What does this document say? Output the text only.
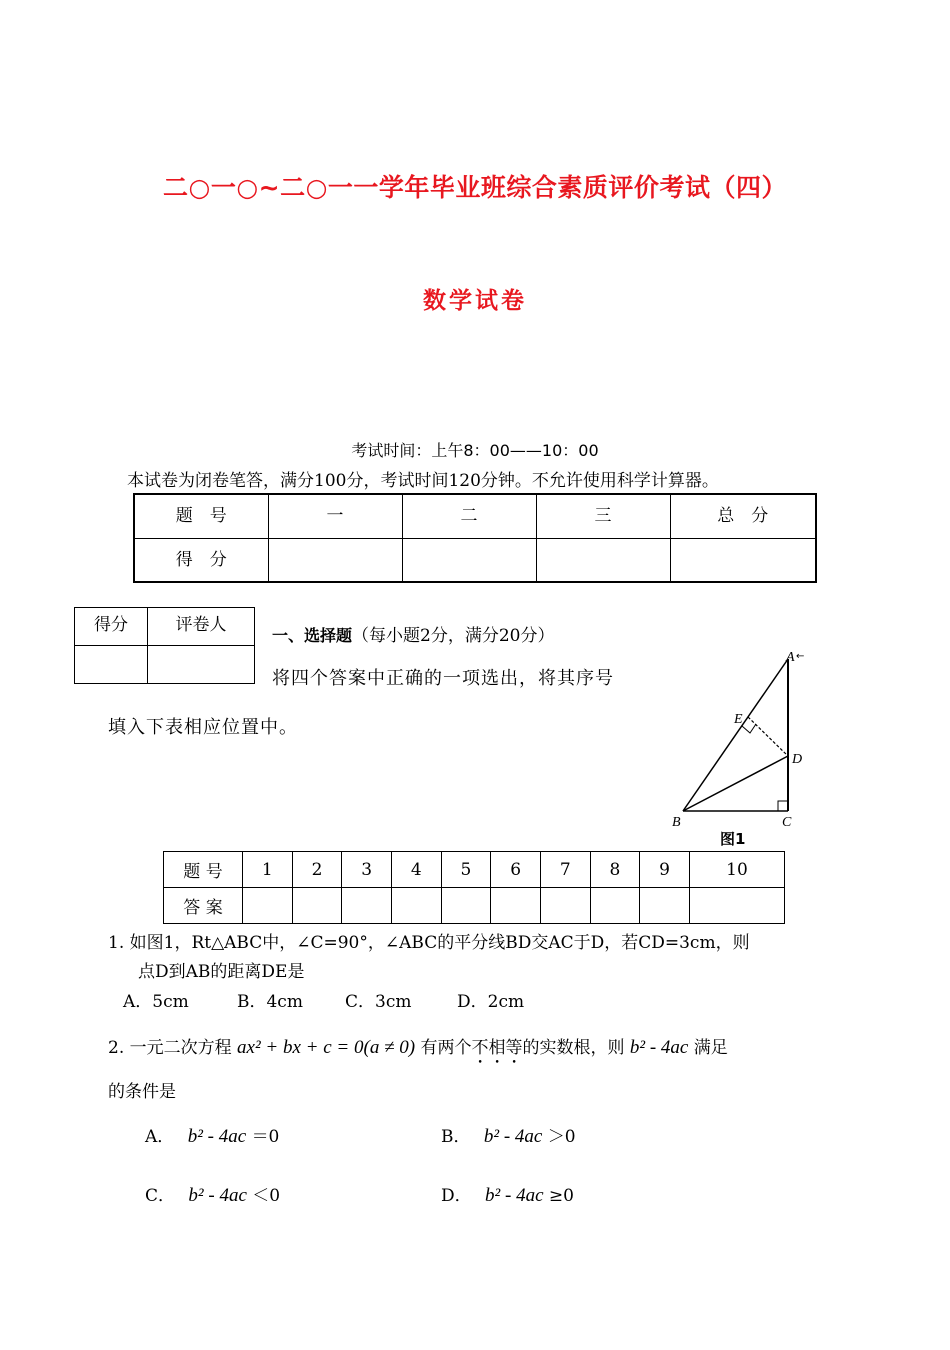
二○一○~二○一一学年毕业班综合素质评价考试（四）
数学试卷
考试时间：上午8：00——10：00
本试卷为闭卷笔答，满分100分，考试时间120分钟。不允许使用科学计算器。
题　号	一	二	三	总　分
得　分				
得分	评卷人

一、选择题（每小题2分，满分20分）
将四个答案中正确的一项选出，将其序号
填入下表相应位置中。
A ←
E
D
B	C
图1
题 号	1	2	3	4	5	6	7	8	9	10
答 案										
1. 如图1，Rt△ABC中，∠C=90°，∠ABC的平分线BD交AC于D，若CD=3cm，则
点D到AB的距离DE是
A．5cm	B．4cm C．3cm	D．2cm
2. 一元二次方程 ax² + bx + c = 0(a ≠ 0) 有两个不相等的实数根，则 b² - 4ac 满足
的条件是
A． b² - 4ac ＝0	B． b² - 4ac ＞0
C． b² - 4ac ＜0	D． b² - 4ac ≥0
